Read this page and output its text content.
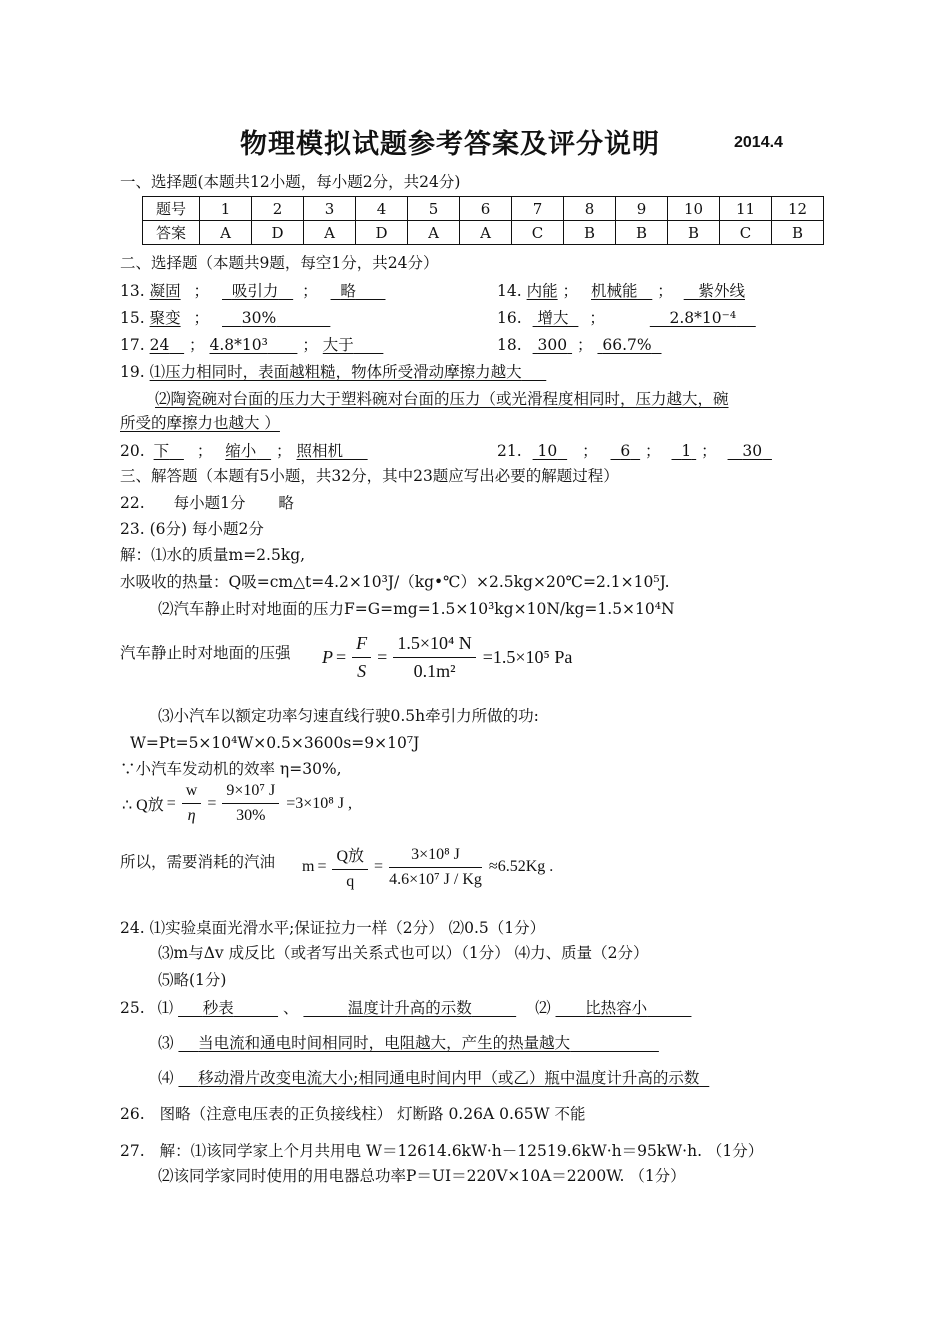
物理模拟试题参考答案及评分说明	2014.4
一、选择题(本题共12小题，每小题2分，共24分)
题号	1	2	3	4	5	6	7	8	9	10	11	12
答案	A	D	A	D	A	A	C	B	B	B	C	B
二、选择题（本题共9题，每空1分，共24分）
13. 凝固 ； 吸引力 ； 略	14. 内能 ； 机械能 ； 紫外线
15. 聚变 ； 30%	16. 增大 ；	2.8*10⁻⁴
17. 24 ； 4.8*10³ ； 大于	18. 300 ； 66.7%
19. ⑴压力相同时，表面越粗糙，物体所受滑动摩擦力越大
⑵陶瓷碗对台面的压力大于塑料碗对台面的压力（或光滑程度相同时，压力越大，碗
所受的摩擦力也越大 ）
20. 下 ； 缩小 ； 照相机	21. 10 ； 6 ； 1 ； 30
三、解答题（本题有5小题，共32分，其中23题应写出必要的解题过程）
22. 每小题1分 略
23. (6分) 每小题2分
解：⑴水的质量m=2.5kg,
水吸收的热量：Q吸=cm△t=4.2×10³J/（kg•℃）×2.5kg×20℃=2.1×10⁵J.
⑵汽车静止时对地面的压力F=G=mg=1.5×10³kg×10N/kg=1.5×10⁴N
汽车静止时对地面的压强 $P = \frac{F}{S} = \frac{\text{1.5×10⁴ N}}{\text{0.1m²}} =1.5\times 10^5$ Pa
⑶小汽车以额定功率匀速直线行驶0.5h牵引力所做的功:
W=Pt=5×10⁴W×0.5×3600s=9×10⁷J
∵小汽车发动机的效率 η=30%,
∴ Q放 = $\frac{w}{\eta} = \frac{\text{9×10⁷ J}}{30\%} =3\times 10^8$ J ,
所以，需要消耗的汽油 $m = \frac{\text{Q放}}{q} = \frac{\text{3×10⁸ J}}{\text{4.6×10⁷ J / Kg}} \approx 6.52Kg$ .
24. ⑴实验桌面光滑水平;保证拉力一样（2分） ⑵0.5（1分）
⑶m与Δv 成反比（或者写出关系式也可以）（1分） ⑷力、质量（2分）
⑸略(1分)
25. ⑴ 秒表	、	温度计升高的示数	⑵ 比热容小
⑶ 当电流和通电时间相同时，电阻越大，产生的热量越大
⑷ 移动滑片改变电流大小;相同通电时间内甲（或乙）瓶中温度计升高的示数
26. 图略（注意电压表的正负接线柱） 灯断路 0.26A 0.65W 不能
27. 解：⑴该同学家上个月共用电 W＝12614.6kW·h－12519.6kW·h＝95kW·h. （1分）
⑵该同学家同时使用的用电器总功率P＝UI＝220V×10A＝2200W. （1分）
